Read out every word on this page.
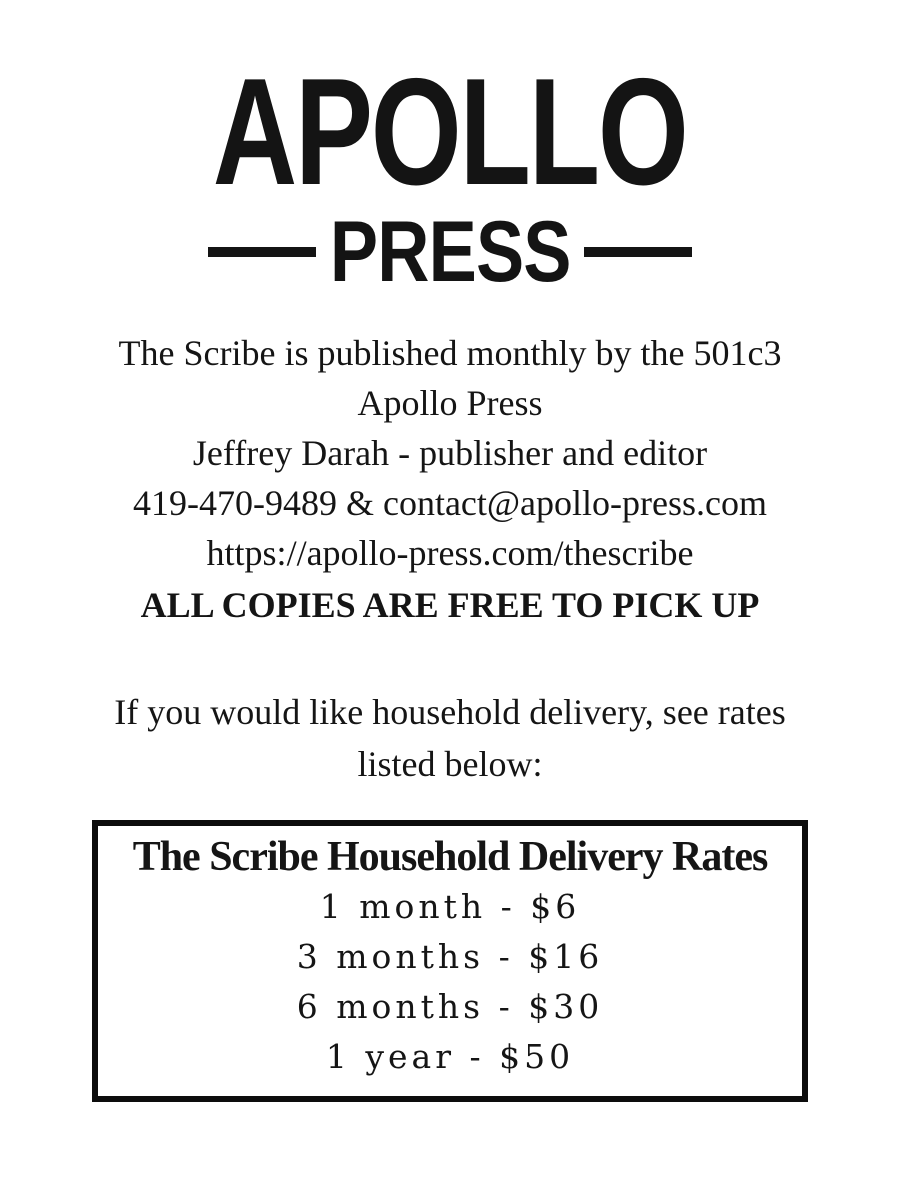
APOLLO
PRESS
The Scribe is published monthly by the 501c3
Apollo Press
Jeffrey Darah - publisher and editor
419-470-9489 & contact@apollo-press.com
https://apollo-press.com/thescribe
ALL COPIES ARE FREE TO PICK UP
If you would like household delivery, see rates
listed below:
The Scribe Household Delivery Rates
1 month - $6
3 months - $16
6 months - $30
1 year - $50
